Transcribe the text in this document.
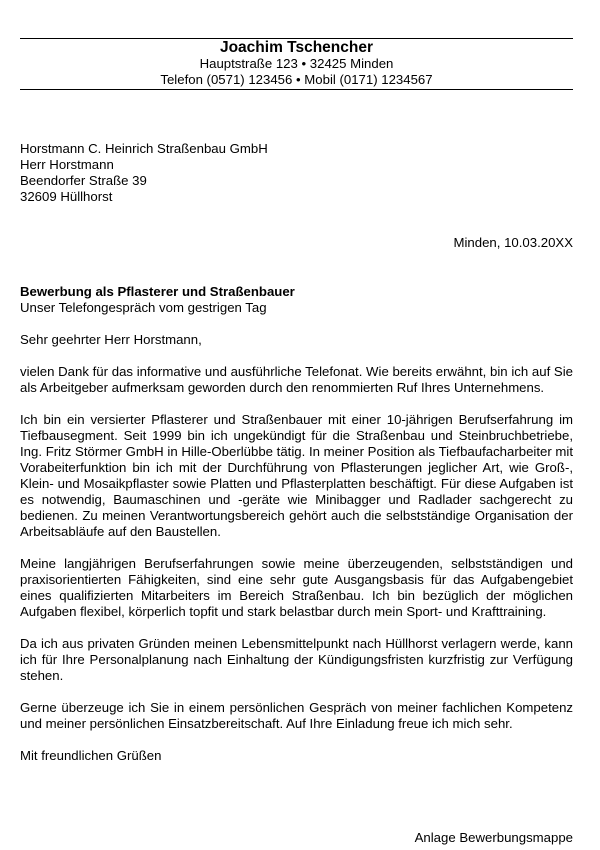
Joachim Tschencher
Hauptstraße 123 • 32425 Minden
Telefon (0571) 123456 • Mobil (0171) 1234567
Horstmann C. Heinrich Straßenbau GmbH
Herr Horstmann
Beendorfer Straße 39
32609 Hüllhorst
Minden, 10.03.20XX
Bewerbung als Pflasterer und Straßenbauer
Unser Telefongespräch vom gestrigen Tag

Sehr geehrter Herr Horstmann,

vielen Dank für das informative und ausführliche Telefonat. Wie bereits erwähnt, bin ich auf Sie als Arbeitgeber aufmerksam geworden durch den renommierten Ruf Ihres Unternehmens.

Ich bin ein versierter Pflasterer und Straßenbauer mit einer 10-jährigen Berufserfahrung im Tiefbausegment. Seit 1999 bin ich ungekündigt für die Straßenbau und Steinbruchbetriebe, Ing. Fritz Störmer GmbH in Hille-Oberlübbe tätig. In meiner Position als Tiefbaufacharbeiter mit Vorabeiterfunktion bin ich mit der Durchführung von Pflasterungen jeglicher Art, wie Groß-, Klein- und Mosaikpflaster sowie Platten und Pflasterplatten beschäftigt. Für diese Aufgaben ist es notwendig, Baumaschinen und -geräte wie Minibagger und Radlader sachgerecht zu bedienen. Zu meinen Verantwortungsbereich gehört auch die selbstständige Organisation der Arbeitsabläufe auf den Baustellen.

Meine langjährigen Berufserfahrungen sowie meine überzeugenden, selbstständigen und praxisorientierten Fähigkeiten, sind eine sehr gute Ausgangsbasis für das Aufgabengebiet eines qualifizierten Mitarbeiters im Bereich Straßenbau. Ich bin bezüglich der möglichen Aufgaben flexibel, körperlich topfit und stark belastbar durch mein Sport- und Krafttraining.

Da ich aus privaten Gründen meinen Lebensmittelpunkt nach Hüllhorst verlagern werde, kann ich für Ihre Personalplanung nach Einhaltung der Kündigungsfristen kurzfristig zur Verfügung stehen.

Gerne überzeuge ich Sie in einem persönlichen Gespräch von meiner fachlichen Kompetenz und meiner persönlichen Einsatzbereitschaft. Auf Ihre Einladung freue ich mich sehr.

Mit freundlichen Grüßen

Anlage Bewerbungsmappe
